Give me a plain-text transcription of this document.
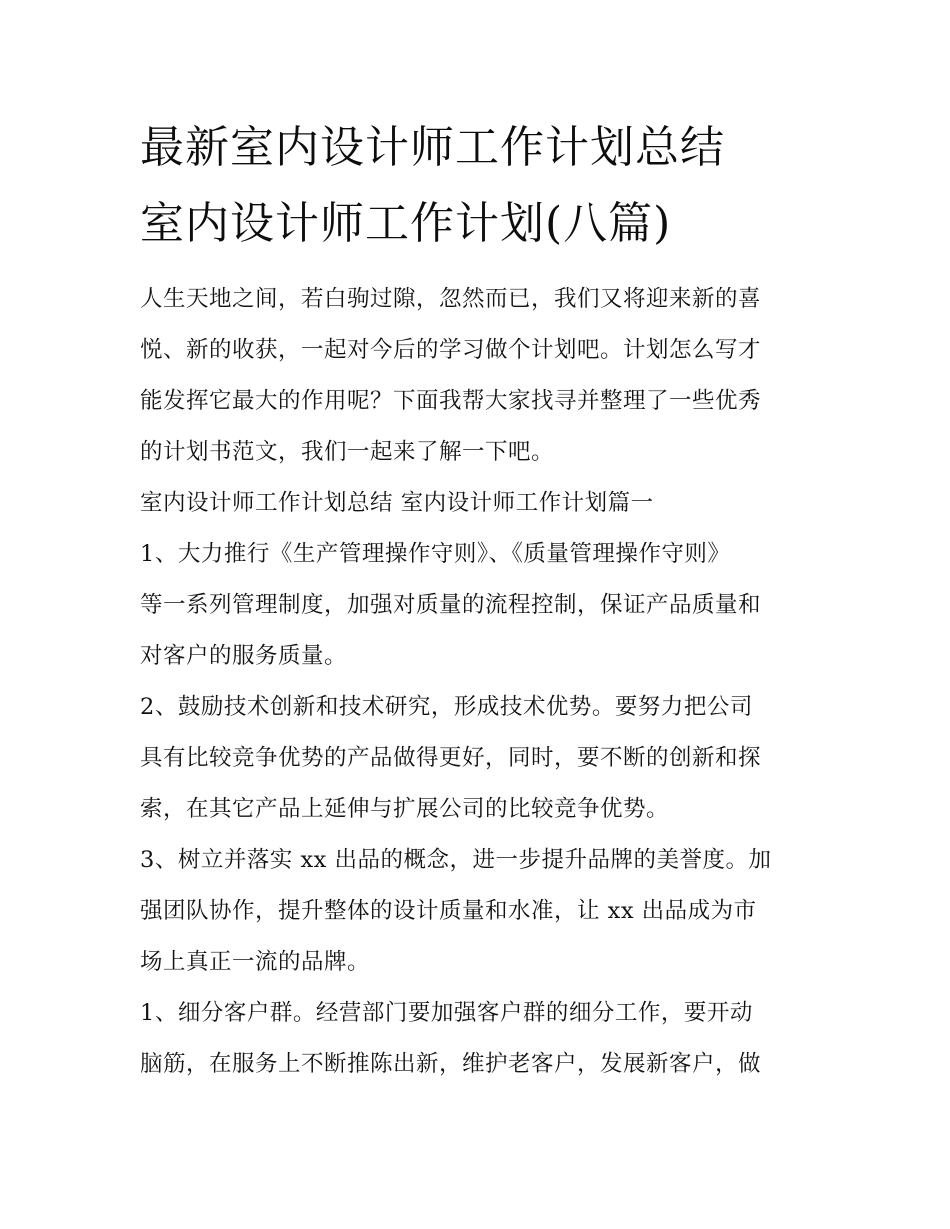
最新室内设计师工作计划总结
室内设计师工作计划(八篇)

人生天地之间，若白驹过隙，忽然而已，我们又将迎来新的喜
悦、新的收获，一起对今后的学习做个计划吧。计划怎么写才
能发挥它最大的作用呢？下面我帮大家找寻并整理了一些优秀
的计划书范文，我们一起来了解一下吧。

室内设计师工作计划总结 室内设计师工作计划篇一

1、大力推行《生产管理操作守则》、《质量管理操作守则》
等一系列管理制度，加强对质量的流程控制，保证产品质量和
对客户的服务质量。

2、鼓励技术创新和技术研究，形成技术优势。要努力把公司
具有比较竞争优势的产品做得更好，同时，要不断的创新和探
索，在其它产品上延伸与扩展公司的比较竞争优势。

3、树立并落实 xx 出品的概念，进一步提升品牌的美誉度。加
强团队协作，提升整体的设计质量和水准，让 xx 出品成为市
场上真正一流的品牌。

1、细分客户群。经营部门要加强客户群的细分工作，要开动
脑筋，在服务上不断推陈出新，维护老客户，发展新客户，做
